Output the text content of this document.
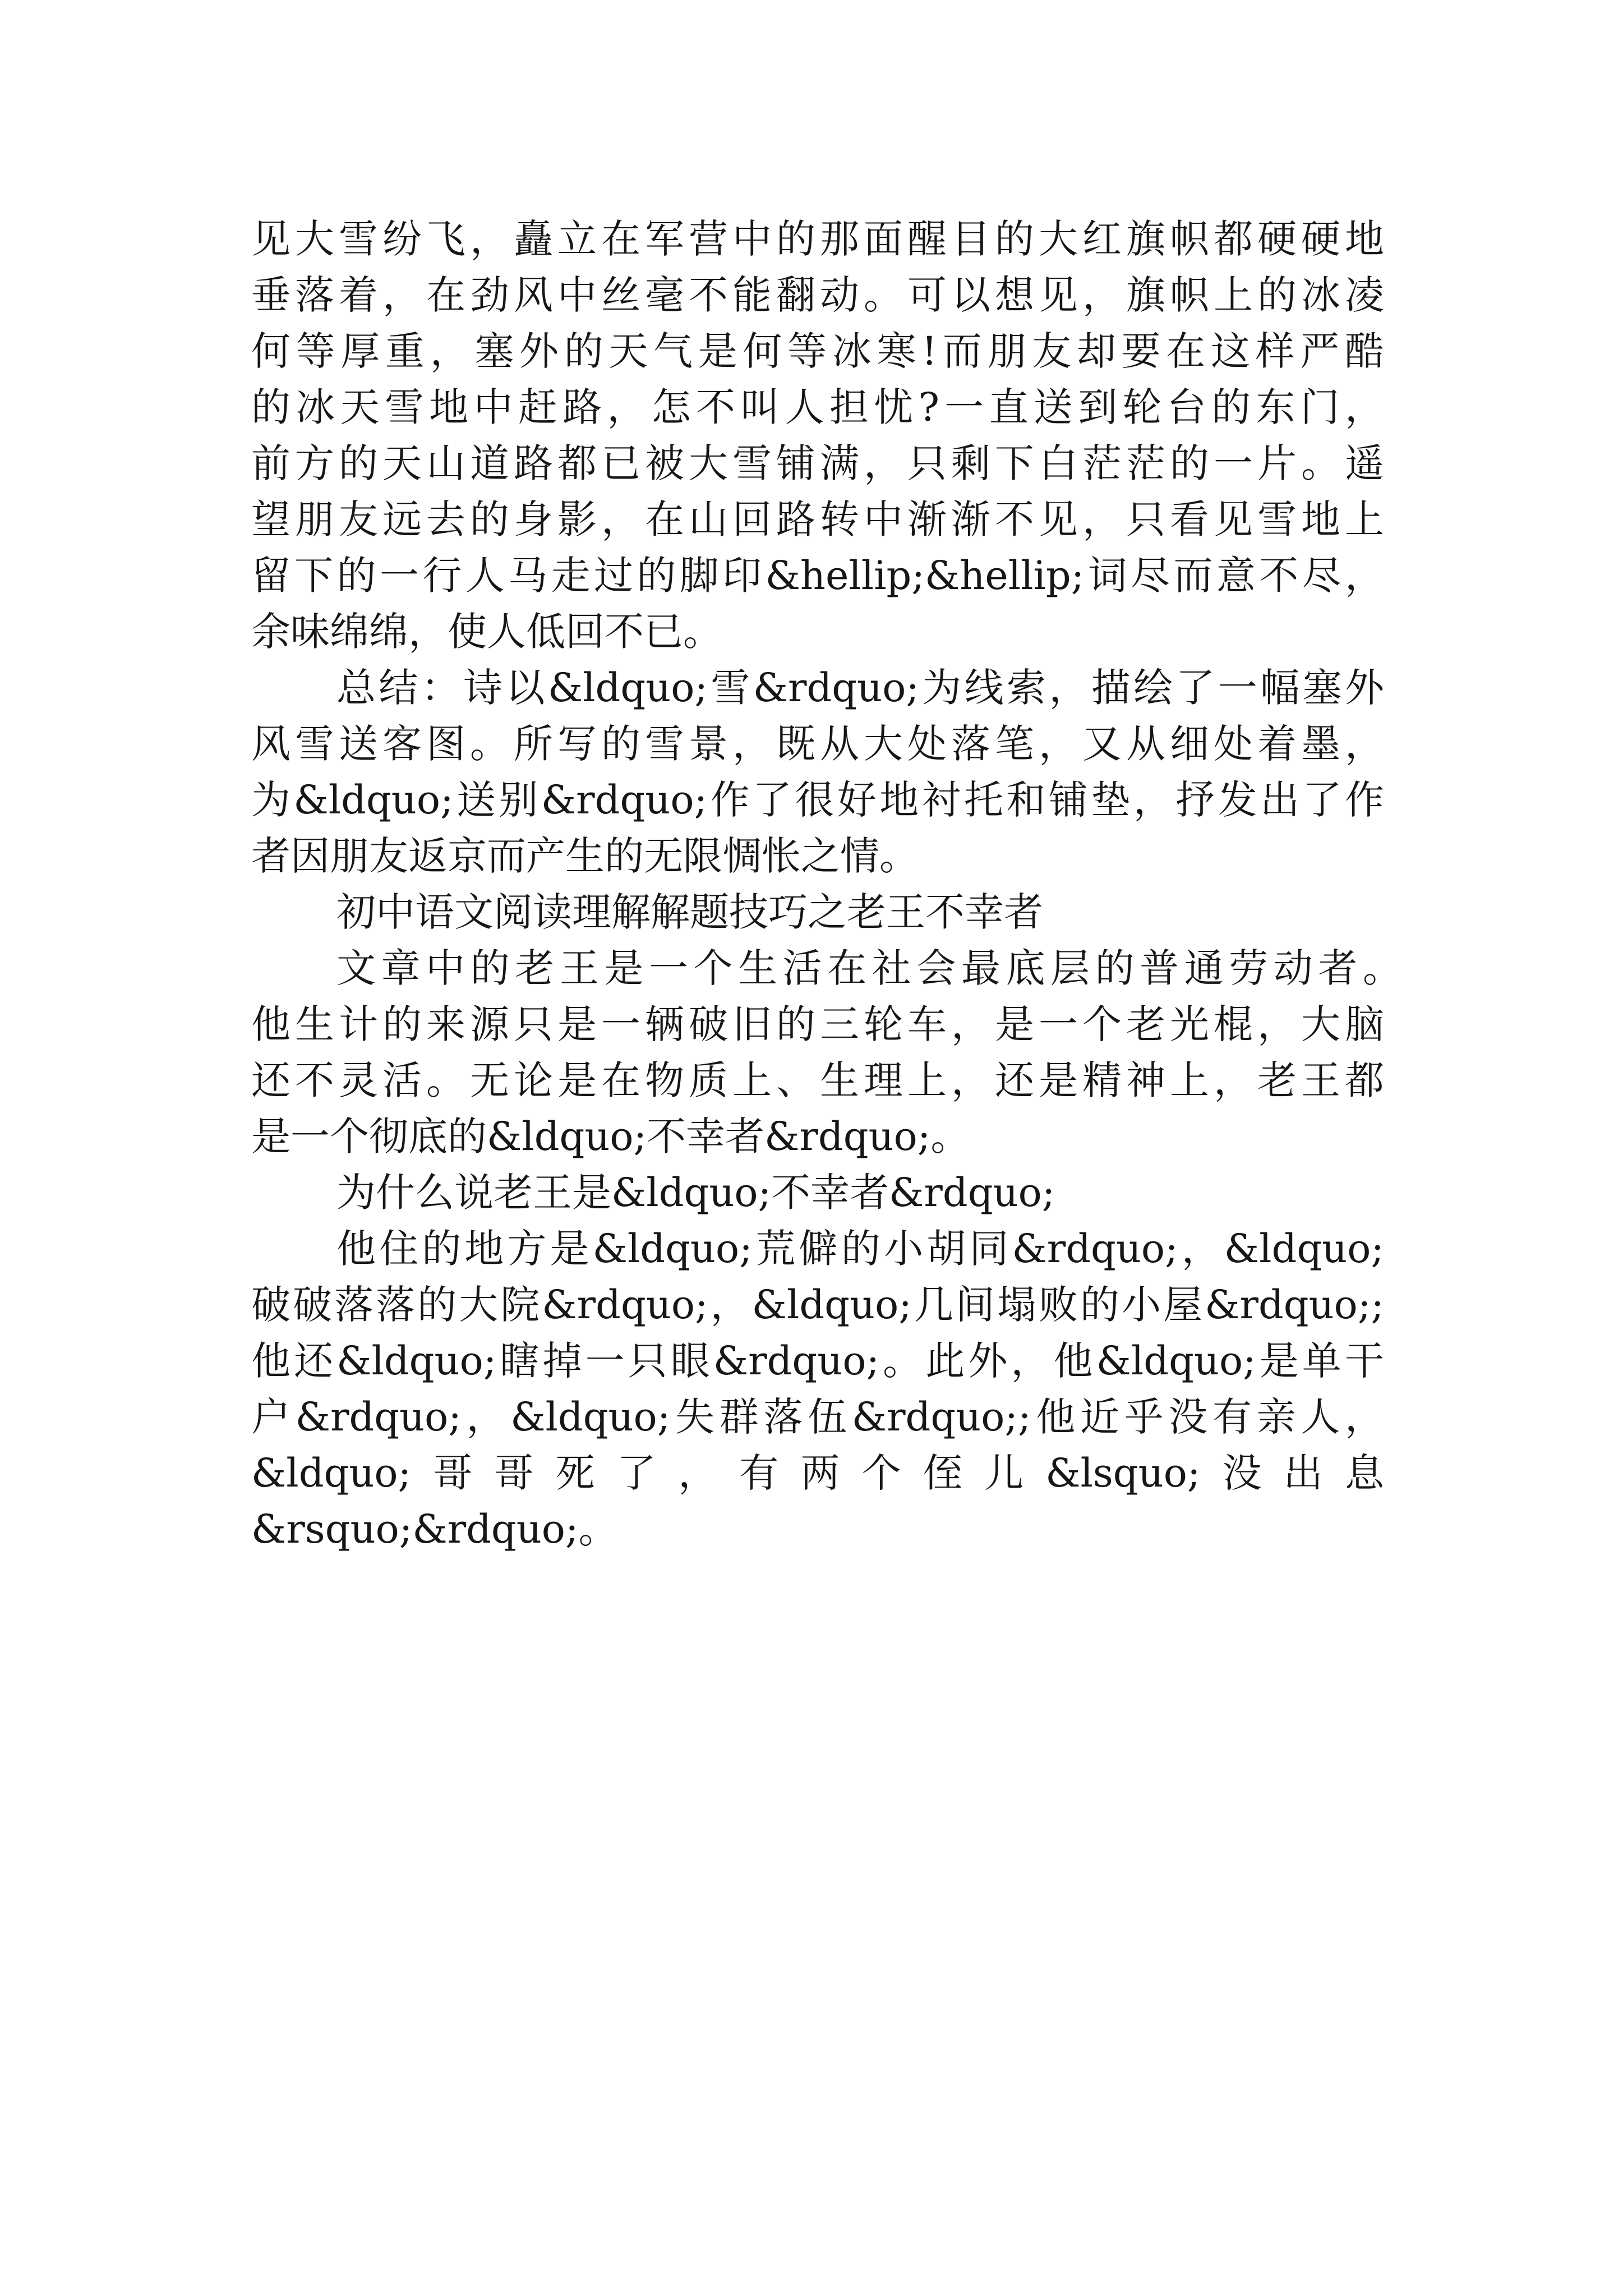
见大雪纷飞，矗立在军营中的那面醒目的大红旗帜都硬硬地
垂落着，在劲风中丝毫不能翻动。可以想见，旗帜上的冰凌
何等厚重，塞外的天气是何等冰寒!而朋友却要在这样严酷
的冰天雪地中赶路，怎不叫人担忧?一直送到轮台的东门，
前方的天山道路都已被大雪铺满，只剩下白茫茫的一片。遥
望朋友远去的身影，在山回路转中渐渐不见，只看见雪地上
留下的一行人马走过的脚印&hellip;&hellip;词尽而意不尽，
余味绵绵，使人低回不已。
总结：诗以&ldquo;雪&rdquo;为线索，描绘了一幅塞外
风雪送客图。所写的雪景，既从大处落笔，又从细处着墨，
为&ldquo;送别&rdquo;作了很好地衬托和铺垫，抒发出了作
者因朋友返京而产生的无限惆怅之情。
初中语文阅读理解解题技巧之老王不幸者
文章中的老王是一个生活在社会最底层的普通劳动者。
他生计的来源只是一辆破旧的三轮车，是一个老光棍，大脑
还不灵活。无论是在物质上、生理上，还是精神上，老王都
是一个彻底的&ldquo;不幸者&rdquo;。
为什么说老王是&ldquo;不幸者&rdquo;
他住的地方是&ldquo;荒僻的小胡同&rdquo;，&ldquo;
破破落落的大院&rdquo;，&ldquo;几间塌败的小屋&rdquo;;
他还&ldquo;瞎掉一只眼&rdquo;。此外，他&ldquo;是单干
户&rdquo;，&ldquo;失群落伍&rdquo;;他近乎没有亲人，
&ldquo;哥哥死了，有两个侄儿&lsquo;没出息
&rsquo;&rdquo;。
